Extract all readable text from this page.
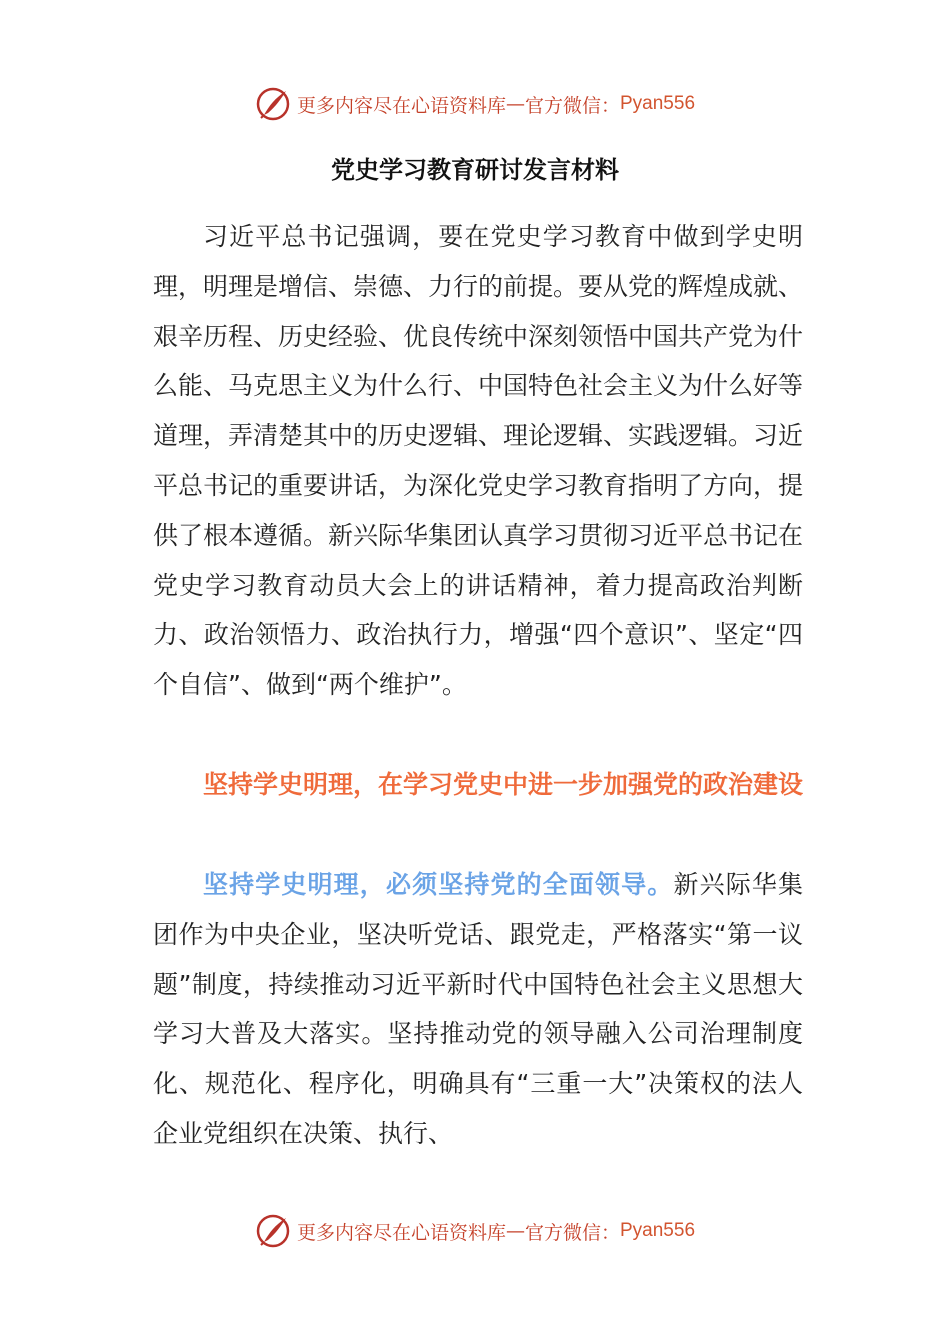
更多内容尽在心语资料库 — 官方微信： Pyan556
党史学习教育研讨发言材料
习近平总书记强调，要在党史学习教育中做到学史明理，明理是增信、崇德、力行的前提。要从党的辉煌成就、艰辛历程、历史经验、优良传统中深刻领悟中国共产党为什么能、马克思主义为什么行、中国特色社会主义为什么好等道理，弄清楚其中的历史逻辑、理论逻辑、实践逻辑。习近平总书记的重要讲话，为深化党史学习教育指明了方向，提供了根本遵循。新兴际华集团认真学习贯彻习近平总书记在党史学习教育动员大会上的讲话精神，着力提高政治判断力、政治领悟力、政治执行力，增强“四个意识”、坚定“四个自信”、做到“两个维护”。
坚持学史明理，在学习党史中进一步加强党的政治建设
坚持学史明理，必须坚持党的全面领导。新兴际华集团作为中央企业，坚决听党话、跟党走，严格落实“第一议题”制度，持续推动习近平新时代中国特色社会主义思想大学习大普及大落实。坚持推动党的领导融入公司治理制度化、规范化、程序化，明确具有“三重一大”决策权的法人企业党组织在决策、执行、
更多内容尽在心语资料库 — 官方微信： Pyan556
